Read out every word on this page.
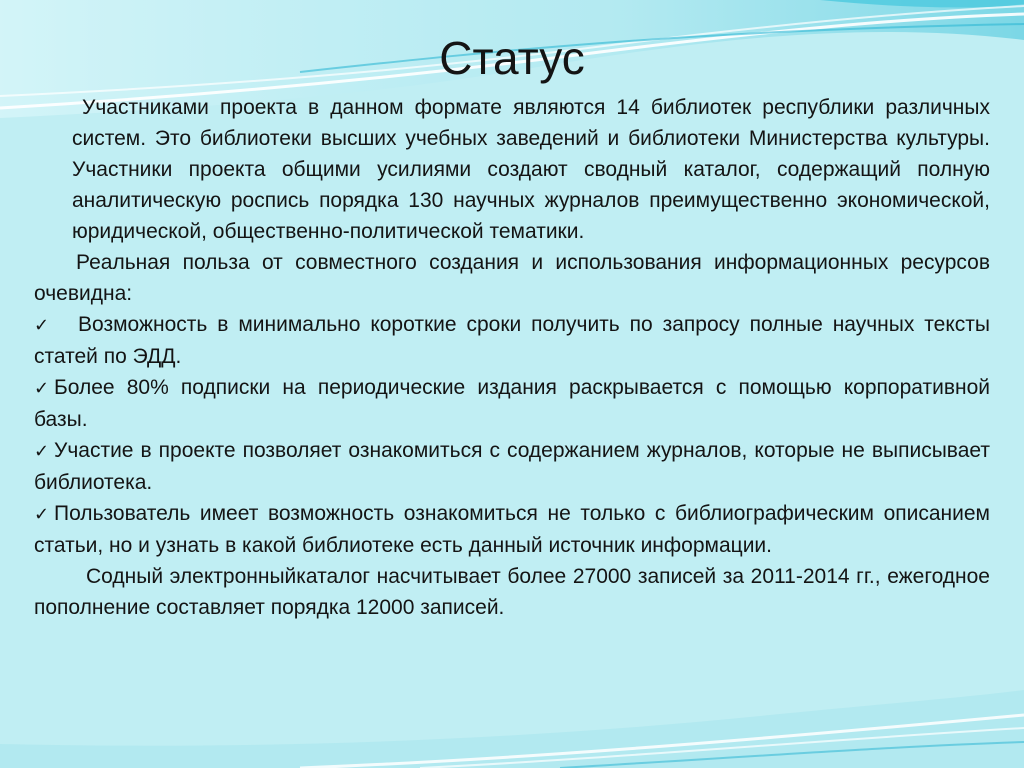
Статус

Участниками проекта в данном формате являются 14 библиотек республики различных систем. Это библиотеки высших учебных заведений и библиотеки Министерства культуры. Участники проекта общими усилиями создают сводный каталог, содержащий полную аналитическую роспись порядка 130 научных журналов преимущественно экономической, юридической, общественно-политической тематики.

Реальная польза от совместного создания и использования информационных ресурсов очевидна:

✓ Возможность в минимально короткие сроки получить по запросу полные научных тексты статей по ЭДД.

✓ Более 80% подписки на периодические издания раскрывается с помощью корпоративной базы.

✓ Участие в проекте позволяет ознакомиться с содержанием журналов, которые не выписывает библиотека.

✓ Пользователь имеет возможность ознакомиться не только с библиографическим описанием статьи, но и узнать в какой библиотеке есть данный источник информации.

Содный электронныйкаталог насчитывает более 27000 записей за 2011-2014 гг., ежегодное пополнение составляет порядка 12000 записей.
